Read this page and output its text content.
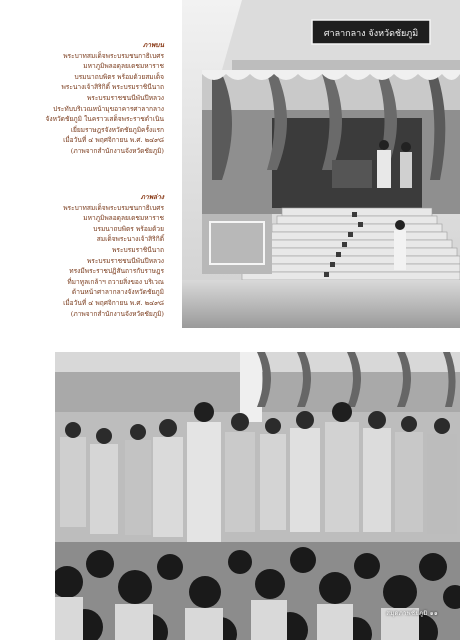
ศาลากลาง จังหวัดชัยภูมิ
ภาพบน
พระบาทสมเด็จพระบรมชนกาธิเบศร
มหาภูมิพลอดุลยเดชมหาราช
บรมนาถบพิตร พร้อมด้วยสมเด็จ
พระนางเจ้าสิริกิติ์ พระบรมราชินีนาถ
พระบรมราชชนนีพันปีหลวง
ประทับบริเวณหน้ามุขอาคารศาลากลาง
จังหวัดชัยภูมิ ในคราวเสด็จพระราชดำเนิน
เยี่ยมราษฎรจังหวัดชัยภูมิครั้งแรก
เมื่อวันที่ ๔ พฤศจิกายน พ.ศ. ๒๔๙๘
(ภาพจากสำนักงานจังหวัดชัยภูมิ)
ภาพล่าง
พระบาทสมเด็จพระบรมชนกาธิเบศร
มหาภูมิพลอดุลยเดชมหาราช
บรมนาถบพิตร พร้อมด้วย
สมเด็จพระนางเจ้าสิริกิติ์
พระบรมราชินีนาถ
พระบรมราชชนนีพันปีหลวง
ทรงมีพระราชปฏิสันถารกับราษฎร
ที่มาทูลเกล้าฯ ถวายสิ่งของ บริเวณ
ด้านหน้าศาลากลางจังหวัดชัยภูมิ
เมื่อวันที่ ๔ พฤศจิกายน พ.ศ. ๒๔๙๘
(ภาพจากสำนักงานจังหวัดชัยภูมิ)
สมุดภาพชัยภูมิ ๑๑
